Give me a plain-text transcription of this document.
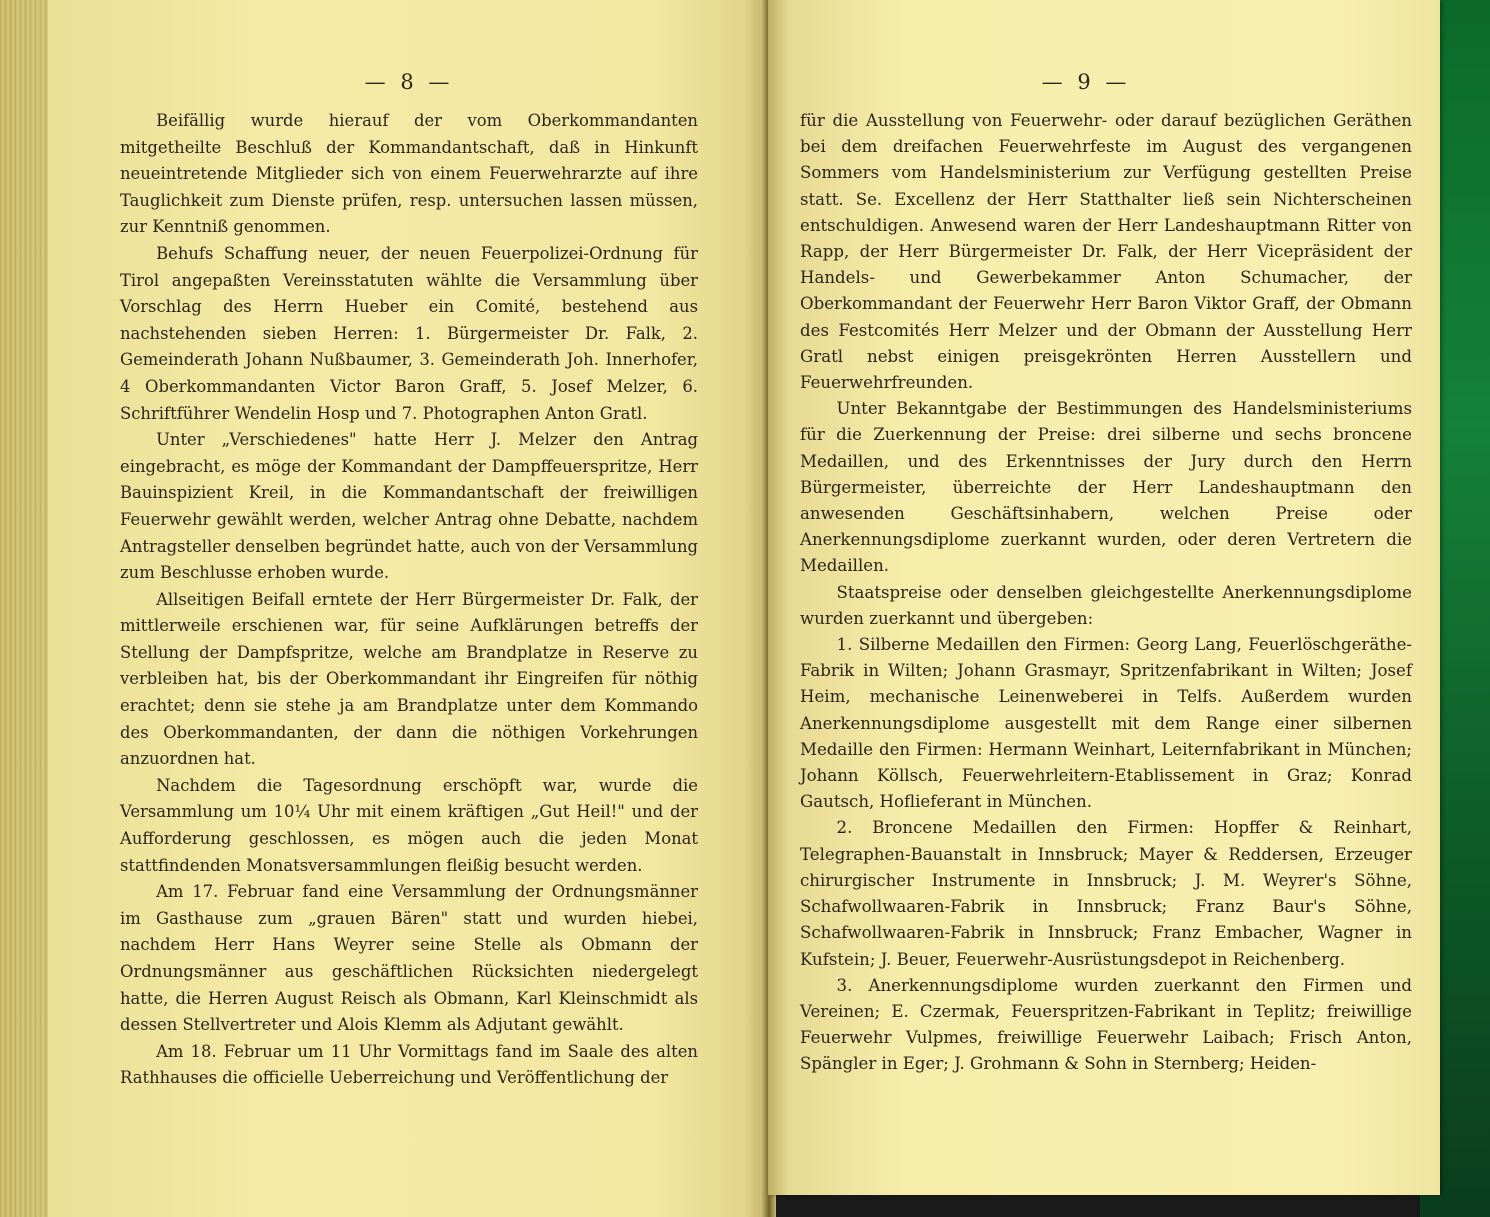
— 8 —

Beifällig wurde hierauf der vom Oberkommandanten mitgetheilte Beschluß der Kommandantschaft, daß in Hinkunft neueintretende Mitglieder sich von einem Feuerwehrarzte auf ihre Tauglichkeit zum Dienste prüfen, resp. untersuchen lassen müssen, zur Kenntniß genommen.

Behufs Schaffung neuer, der neuen Feuerpolizei-Ordnung für Tirol angepaßten Vereinsstatuten wählte die Versammlung über Vorschlag des Herrn Hueber ein Comité, bestehend aus nachstehenden sieben Herren: 1. Bürgermeister Dr. Falk, 2. Gemeinderath Johann Nußbaumer, 3. Gemeinderath Joh. Innerhofer, 4 Oberkommandanten Victor Baron Graff, 5. Josef Melzer, 6. Schriftführer Wendelin Hosp und 7. Photographen Anton Gratl.

Unter „Verschiedenes" hatte Herr J. Melzer den Antrag eingebracht, es möge der Kommandant der Dampffeuerspritze, Herr Bauinspizient Kreil, in die Kommandantschaft der freiwilligen Feuerwehr gewählt werden, welcher Antrag ohne Debatte, nachdem Antragsteller denselben begründet hatte, auch von der Versammlung zum Beschlusse erhoben wurde.

Allseitigen Beifall erntete der Herr Bürgermeister Dr. Falk, der mittlerweile erschienen war, für seine Aufklärungen betreffs der Stellung der Dampfspritze, welche am Brandplatze in Reserve zu verbleiben hat, bis der Oberkommandant ihr Eingreifen für nöthig erachtet; denn sie stehe ja am Brandplatze unter dem Kommando des Oberkommandanten, der dann die nöthigen Vorkehrungen anzuordnen hat.

Nachdem die Tagesordnung erschöpft war, wurde die Versammlung um 10¼ Uhr mit einem kräftigen „Gut Heil!" und der Aufforderung geschlossen, es mögen auch die jeden Monat stattfindenden Monatsversammlungen fleißig besucht werden.

Am 17. Februar fand eine Versammlung der Ordnungsmänner im Gasthause zum „grauen Bären" statt und wurden hiebei, nachdem Herr Hans Weyrer seine Stelle als Obmann der Ordnungsmänner aus geschäftlichen Rücksichten niedergelegt hatte, die Herren August Reisch als Obmann, Karl Kleinschmidt als dessen Stellvertreter und Alois Klemm als Adjutant gewählt.

Am 18. Februar um 11 Uhr Vormittags fand im Saale des alten Rathhauses die officielle Ueberreichung und Veröffentlichung der

— 9 —

für die Ausstellung von Feuerwehr- oder darauf bezüglichen Geräthen bei dem dreifachen Feuerwehrfeste im August des vergangenen Sommers vom Handelsministerium zur Verfügung gestellten Preise statt. Se. Excellenz der Herr Statthalter ließ sein Nichterscheinen entschuldigen. Anwesend waren der Herr Landeshauptmann Ritter von Rapp, der Herr Bürgermeister Dr. Falk, der Herr Vicepräsident der Handels- und Gewerbekammer Anton Schumacher, der Oberkommandant der Feuerwehr Herr Baron Viktor Graff, der Obmann des Festcomités Herr Melzer und der Obmann der Ausstellung Herr Gratl nebst einigen preisgekrönten Herren Ausstellern und Feuerwehrfreunden.

Unter Bekanntgabe der Bestimmungen des Handelsministeriums für die Zuerkennung der Preise: drei silberne und sechs broncene Medaillen, und des Erkenntnisses der Jury durch den Herrn Bürgermeister, überreichte der Herr Landeshauptmann den anwesenden Geschäftsinhabern, welchen Preise oder Anerkennungsdiplome zuerkannt wurden, oder deren Vertretern die Medaillen.

Staatspreise oder denselben gleichgestellte Anerkennungsdiplome wurden zuerkannt und übergeben:

1. Silberne Medaillen den Firmen: Georg Lang, Feuerlöschgeräthe-Fabrik in Wilten; Johann Grasmayr, Spritzenfabrikant in Wilten; Josef Heim, mechanische Leinenweberei in Telfs. Außerdem wurden Anerkennungsdiplome ausgestellt mit dem Range einer silbernen Medaille den Firmen: Hermann Weinhart, Leiternfabrikant in München; Johann Köllsch, Feuerwehrleitern-Etablissement in Graz; Konrad Gautsch, Hoflieferant in München.

2. Broncene Medaillen den Firmen: Hopffer & Reinhart, Telegraphen-Bauanstalt in Innsbruck; Mayer & Reddersen, Erzeuger chirurgischer Instrumente in Innsbruck; J. M. Weyrer's Söhne, Schafwollwaaren-Fabrik in Innsbruck; Franz Baur's Söhne, Schafwollwaaren-Fabrik in Innsbruck; Franz Embacher, Wagner in Kufstein; J. Beuer, Feuerwehr-Ausrüstungsdepot in Reichenberg.

3. Anerkennungsdiplome wurden zuerkannt den Firmen und Vereinen; E. Czermak, Feuerspritzen-Fabrikant in Teplitz; freiwillige Feuerwehr Vulpmes, freiwillige Feuerwehr Laibach; Frisch Anton, Spängler in Eger; J. Grohmann & Sohn in Sternberg; Heiden-
